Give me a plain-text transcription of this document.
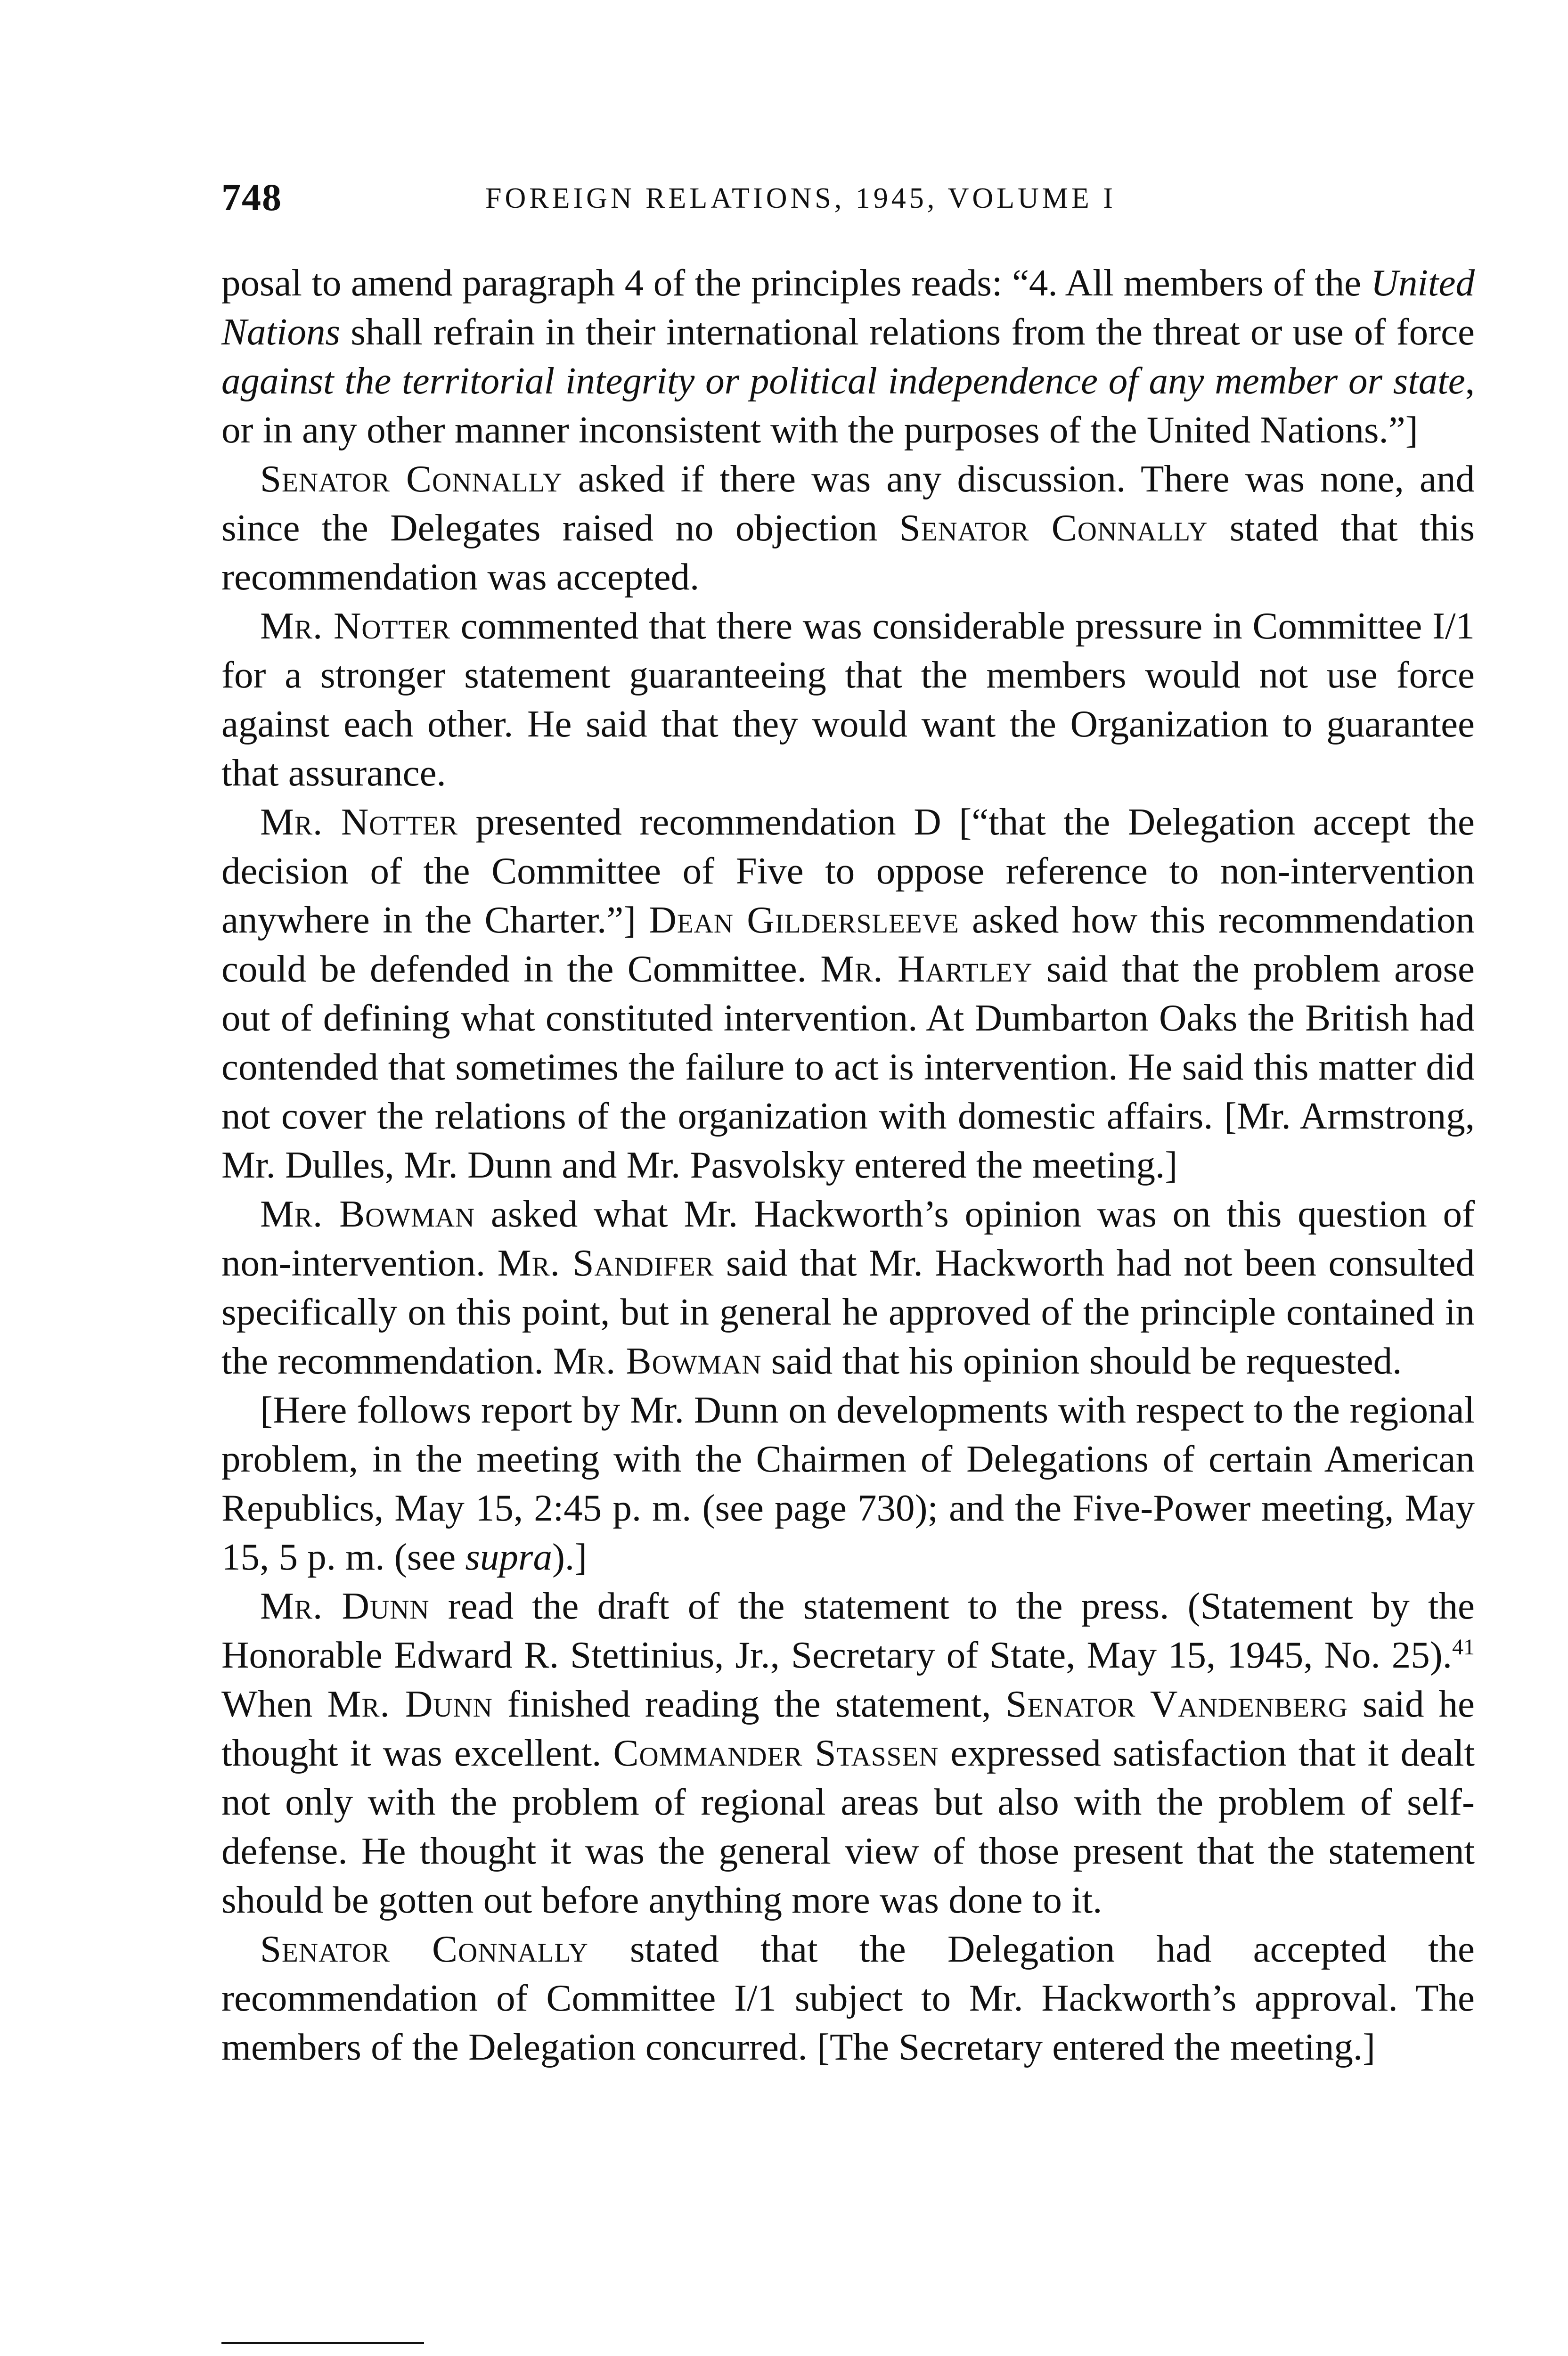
748	FOREIGN RELATIONS, 1945, VOLUME I

posal to amend paragraph 4 of the principles reads: “4. All members of the United Nations shall refrain in their international relations from the threat or use of force against the territorial integrity or political independence of any member or state, or in any other manner inconsistent with the purposes of the United Nations.”]

Senator Connally asked if there was any discussion. There was none, and since the Delegates raised no objection Senator Connally stated that this recommendation was accepted.

Mr. Notter commented that there was considerable pressure in Committee I/1 for a stronger statement guaranteeing that the members would not use force against each other. He said that they would want the Organization to guarantee that assurance.

Mr. Notter presented recommendation D [“that the Delegation accept the decision of the Committee of Five to oppose reference to non-intervention anywhere in the Charter.”] Dean Gildersleeve asked how this recommendation could be defended in the Committee. Mr. Hartley said that the problem arose out of defining what constituted intervention. At Dumbarton Oaks the British had contended that sometimes the failure to act is intervention. He said this matter did not cover the relations of the organization with domestic affairs. [Mr. Armstrong, Mr. Dulles, Mr. Dunn and Mr. Pasvolsky entered the meeting.]

Mr. Bowman asked what Mr. Hackworth’s opinion was on this question of non-intervention. Mr. Sandifer said that Mr. Hackworth had not been consulted specifically on this point, but in general he approved of the principle contained in the recommendation. Mr. Bowman said that his opinion should be requested.

[Here follows report by Mr. Dunn on developments with respect to the regional problem, in the meeting with the Chairmen of Delegations of certain American Republics, May 15, 2:45 p. m. (see page 730); and the Five-Power meeting, May 15, 5 p. m. (see supra).]

Mr. Dunn read the draft of the statement to the press. (Statement by the Honorable Edward R. Stettinius, Jr., Secretary of State, May 15, 1945, No. 25).$^{41}$ When Mr. Dunn finished reading the statement, Senator Vandenberg said he thought it was excellent. Commander Stassen expressed satisfaction that it dealt not only with the problem of regional areas but also with the problem of self-defense. He thought it was the general view of those present that the statement should be gotten out before anything more was done to it.

Senator Connally stated that the Delegation had accepted the recommendation of Committee I/1 subject to Mr. Hackworth’s approval. The members of the Delegation concurred. [The Secretary entered the meeting.]
